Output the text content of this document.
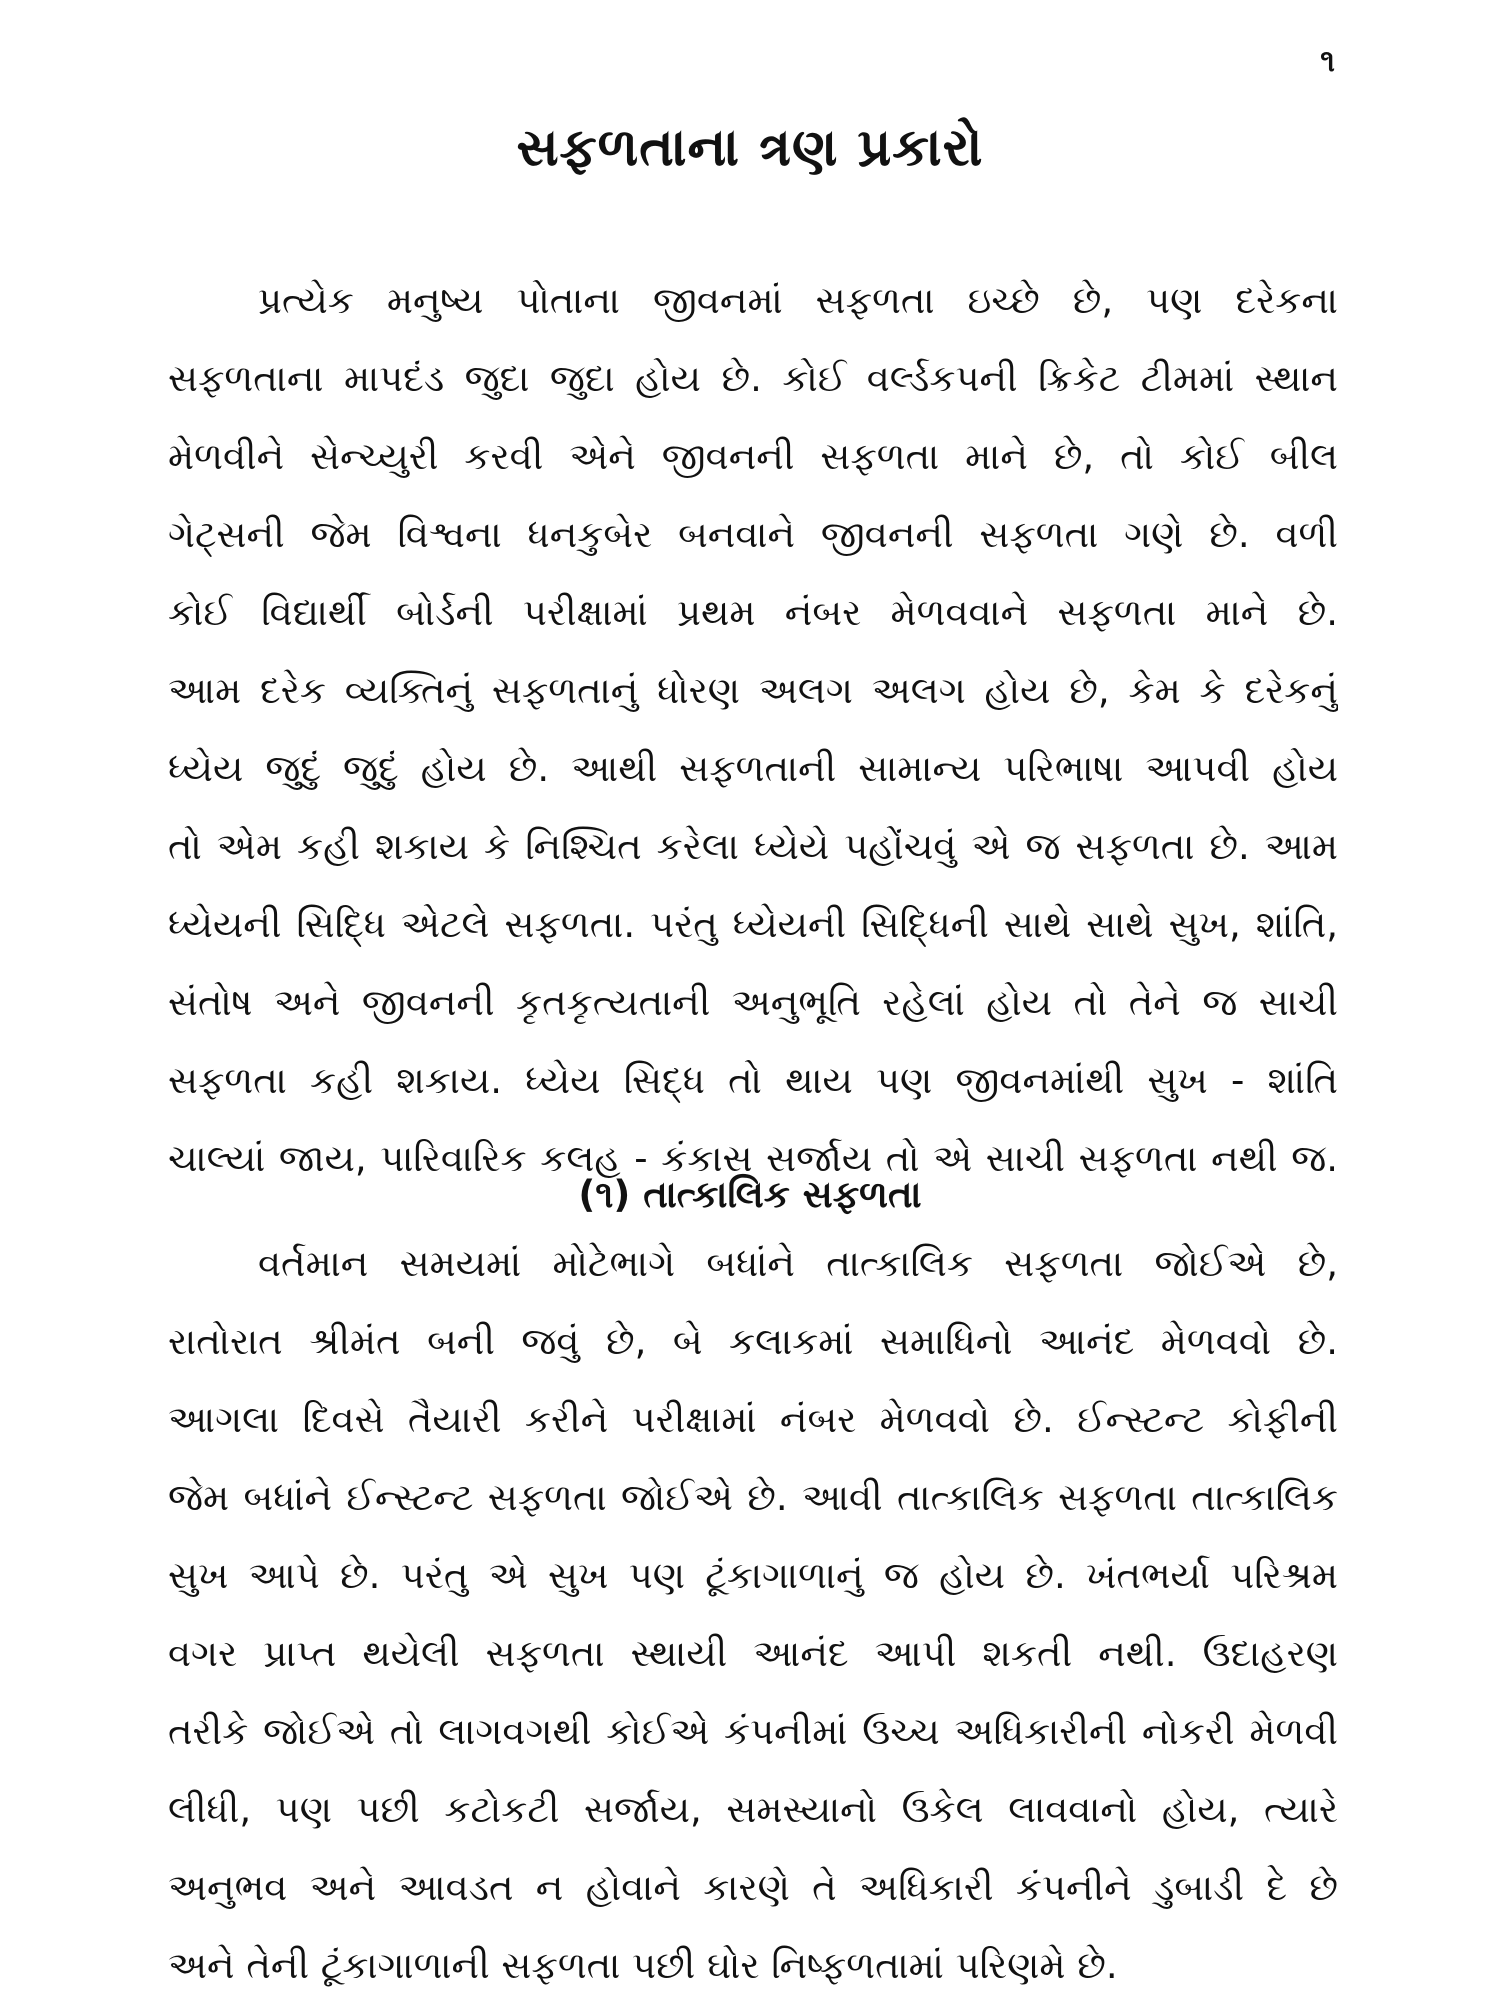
૧
સફળતાના ત્રણ પ્રકારો
પ્રત્યેક મનુષ્ય પોતાના જીવનમાં સફળતા ઇચ્છે છે, પણ દરેકના
સફળતાના માપદંડ જુદા જુદા હોય છે. કોઈ વર્લ્ડકપની ક્રિકેટ ટીમમાં સ્થાન
મેળવીને સેન્ચ્યુરી કરવી એને જીવનની સફળતા માને છે, તો કોઈ બીલ
ગેટ્સની જેમ વિશ્વના ધનકુબેર બનવાને જીવનની સફળતા ગણે છે. વળી
કોઈ વિદ્યાર્થી બોર્ડની પરીક્ષામાં પ્રથમ નંબર મેળવવાને સફળતા માને છે.
આમ દરેક વ્યક્તિનું સફળતાનું ધોરણ અલગ અલગ હોય છે, કેમ કે દરેકનું
ધ્યેય જુદું જુદું હોય છે. આથી સફળતાની સામાન્ય પરિભાષા આપવી હોય
તો એમ કહી શકાય કે નિશ્ચિત કરેલા ધ્યેયે પહોંચવું એ જ સફળતા છે. આમ
ધ્યેયની સિદ્ધિ એટલે સફળતા. પરંતુ ધ્યેયની સિદ્ધિની સાથે સાથે સુખ, શાંતિ,
સંતોષ અને જીવનની કૃતકૃત્યતાની અનુભૂતિ રહેલાં હોય તો તેને જ સાચી
સફળતા કહી શકાય. ધ્યેય સિદ્ધ તો થાય પણ જીવનમાંથી સુખ - શાંતિ
ચાલ્યાં જાય, પારિવારિક કલહ - કંકાસ સર્જાય તો એ સાચી સફળતા નથી જ.
(૧) તાત્કાલિક સફળતા
વર્તમાન સમયમાં મોટેભાગે બધાંને તાત્કાલિક સફળતા જોઈએ છે,
રાતોરાત શ્રીમંત બની જવું છે, બે કલાકમાં સમાધિનો આનંદ મેળવવો છે.
આગલા દિવસે તૈયારી કરીને પરીક્ષામાં નંબર મેળવવો છે. ઈન્સ્ટન્ટ કોફીની
જેમ બધાંને ઈન્સ્ટન્ટ સફળતા જોઈએ છે. આવી તાત્કાલિક સફળતા તાત્કાલિક
સુખ આપે છે. પરંતુ એ સુખ પણ ટૂંકાગાળાનું જ હોય છે. ખંતભર્યા પરિશ્રમ
વગર પ્રાપ્ત થયેલી સફળતા સ્થાયી આનંદ આપી શકતી નથી. ઉદાહરણ
તરીકે જોઈએ તો લાગવગથી કોઈએ કંપનીમાં ઉચ્ચ અધિકારીની નોકરી મેળવી
લીધી, પણ પછી કટોકટી સર્જાય, સમસ્યાનો ઉકેલ લાવવાનો હોય, ત્યારે
અનુભવ અને આવડત ન હોવાને કારણે તે અધિકારી કંપનીને ડુબાડી દે છે
અને તેની ટૂંકાગાળાની સફળતા પછી ઘોર નિષ્ફળતામાં પરિણમે છે.
